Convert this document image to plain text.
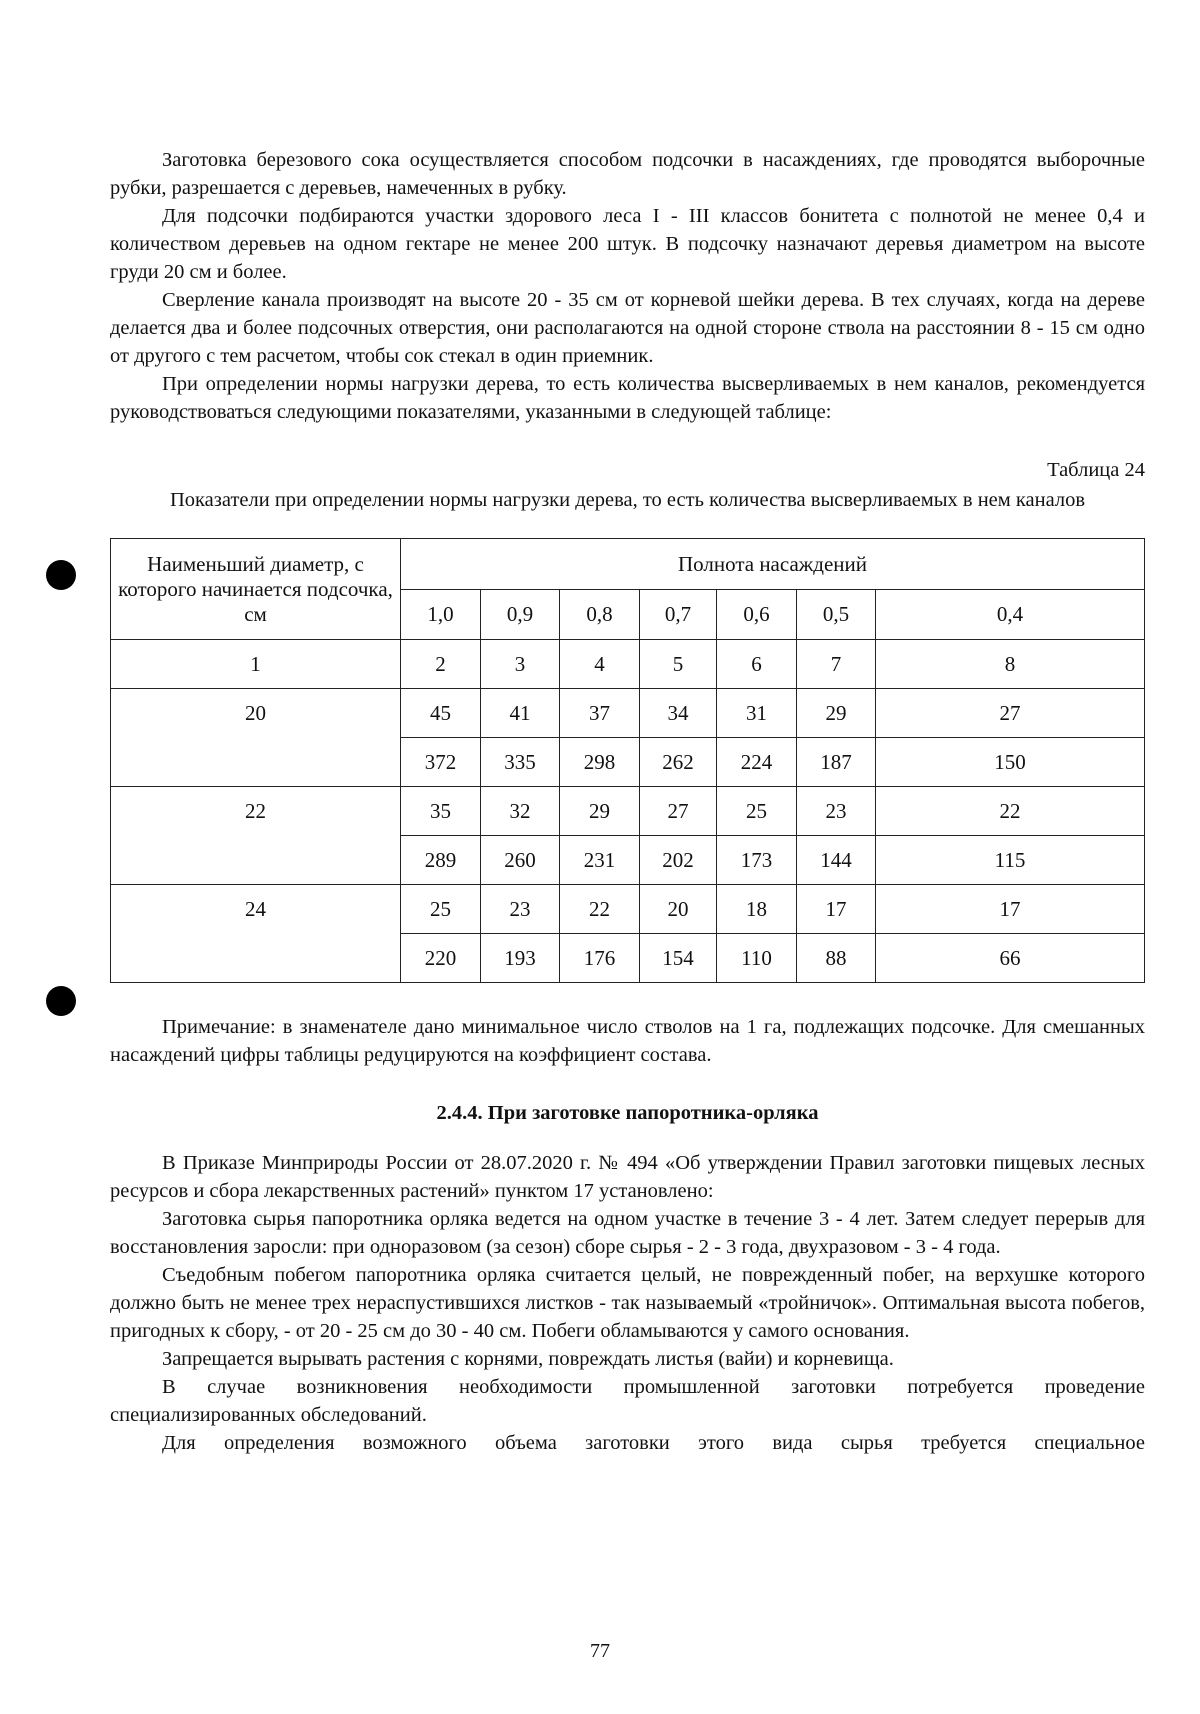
Заготовка березового сока осуществляется способом подсочки в насаждениях, где проводятся выборочные рубки, разрешается с деревьев, намеченных в рубку.

Для подсочки подбираются участки здорового леса I - III классов бонитета с полнотой не менее 0,4 и количеством деревьев на одном гектаре не менее 200 штук. В подсочку назначают деревья диаметром на высоте груди 20 см и более.

Сверление канала производят на высоте 20 - 35 см от корневой шейки дерева. В тех случаях, когда на дереве делается два и более подсочных отверстия, они располагаются на одной стороне ствола на расстоянии 8 - 15 см одно от другого с тем расчетом, чтобы сок стекал в один приемник.

При определении нормы нагрузки дерева, то есть количества высверливаемых в нем каналов, рекомендуется руководствоваться следующими показателями, указанными в следующей таблице:

Таблица 24

Показатели при определении нормы нагрузки дерева, то есть количества высверливаемых в нем каналов

Наименьший диаметр, с которого начинается подсочка, см	Полнота насаждений						
	1,0	0,9	0,8	0,7	0,6	0,5	0,4
1	2	3	4	5	6	7	8
20	45	41	37	34	31	29	27
	372	335	298	262	224	187	150
22	35	32	29	27	25	23	22
	289	260	231	202	173	144	115
24	25	23	22	20	18	17	17
	220	193	176	154	110	88	66

Примечание: в знаменателе дано минимальное число стволов на 1 га, подлежащих подсочке. Для смешанных насаждений цифры таблицы редуцируются на коэффициент состава.

2.4.4. При заготовке папоротника-орляка

В Приказе Минприроды России от 28.07.2020 г. № 494 «Об утверждении Правил заготовки пищевых лесных ресурсов и сбора лекарственных растений» пунктом 17 установлено:

Заготовка сырья папоротника орляка ведется на одном участке в течение 3 - 4 лет. Затем следует перерыв для восстановления заросли: при одноразовом (за сезон) сборе сырья - 2 - 3 года, двухразовом - 3 - 4 года.

Съедобным побегом папоротника орляка считается целый, не поврежденный побег, на верхушке которого должно быть не менее трех нераспустившихся листков - так называемый «тройничок». Оптимальная высота побегов, пригодных к сбору, - от 20 - 25 см до 30 - 40 см. Побеги обламываются у самого основания.

Запрещается вырывать растения с корнями, повреждать листья (вайи) и корневища.

В случае возникновения необходимости промышленной заготовки потребуется проведение специализированных обследований.

Для определения возможного объема заготовки этого вида сырья требуется специальное

77
